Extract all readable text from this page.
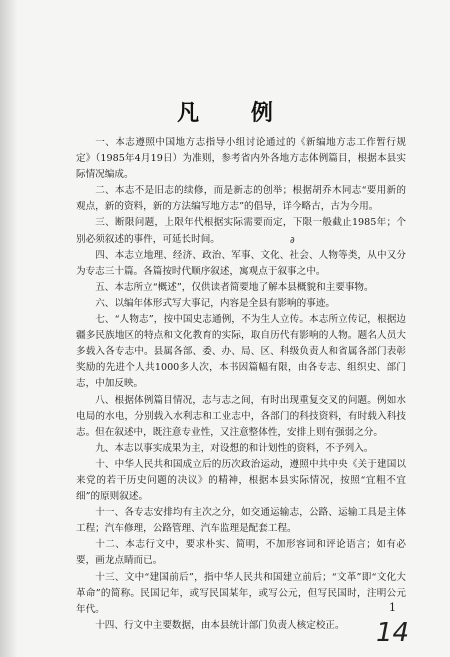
凡 例

一、本志遵照中国地方志指导小组讨论通过的《新编地方志工作暂行规定》（1985年4月19日）为准则，参考省内外各地方志体例篇目，根据本县实际情况编成。

二、本志不是旧志的续修，而是新志的创举；根据胡乔木同志“要用新的观点，新的资料，新的方法编写地方志”的倡导，详今略古，古为今用。

三、断限问题，上限年代根据实际需要而定，下限一般截止1985年；个别必须叙述的事件，可延长时间。

四、本志立地理、经济、政治、军事、文化、社会、人物等类，从中又分为专志三十篇。各篇按时代顺序叙述，寓观点于叙事之中。

五、本志所立“概述”，仅供读者简要地了解本县概貌和主要事物。

六、以编年体形式写大事记，内容是全县有影响的事迹。

七、“人物志”，按中国史志通例，不为生人立传。本志所立传记，根据边疆多民族地区的特点和文化教育的实际，取自历代有影响的人物。题名人员大多载入各专志中。县属各部、委、办、局、区、科级负责人和省属各部门表彰奖励的先进个人共1000多人次，本书因篇幅有限，由各专志、组织史、部门志，中加反映。

八、根据体例篇目情况，志与志之间，有时出现重复交叉的问题。例如水电局的水电，分别载入水利志和工业志中，各部门的科技资料，有时载入科技志。但在叙述中，既注意专业性，又注意整体性，安排上则有强弱之分。

九、本志以事实成果为主，对设想的和计划性的资料，不予列入。

十、中华人民共和国成立后的历次政治运动，遵照中共中央《关于建国以来党的若干历史问题的决议》的精神，根据本县实际情况，按照“宜粗不宜细”的原则叙述。

十一、各专志安排均有主次之分，如交通运输志，公路、运输工具是主体工程；汽车修理，公路管理、汽车监理是配套工程。

十二、本志行文中，要求朴实、简明，不加形容词和评论语言；如有必要，画龙点睛而已。

十三、文中“建国前后”，指中华人民共和国建立前后；“文革”即“文化大革命”的简称。民国记年，或写民国某年，或写公元，但写民国时，注明公元年代。

十四、行文中主要数据，由本县统计部门负责人核定校正。

∂
1
14
